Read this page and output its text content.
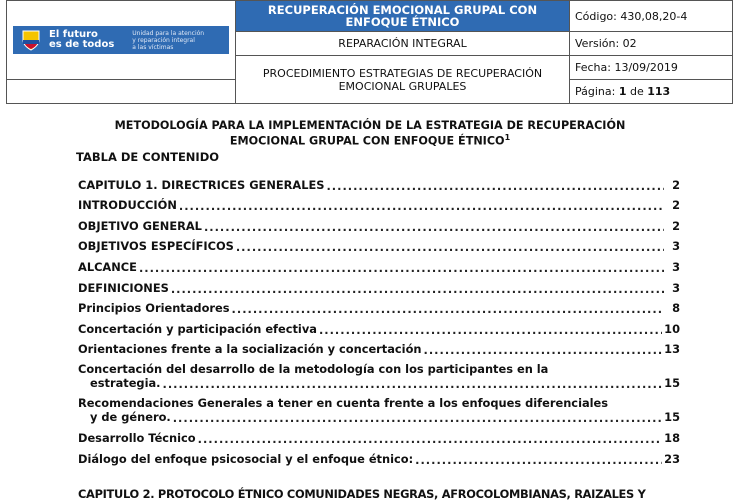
El futuro
es de todos
Unidad para la atención
y reparación integral
a las víctimas	RECUPERACIÓN EMOCIONAL GRUPAL CON ENFOQUE ÉTNICO	Código: 430,08,20-4
	REPARACIÓN INTEGRAL	Versión: 02
	PROCEDIMIENTO ESTRATEGIAS DE RECUPERACIÓN EMOCIONAL GRUPALES	Fecha: 13/09/2019
		Página: 1 de 113
METODOLOGÍA PARA LA IMPLEMENTACIÓN DE LA ESTRATEGIA DE RECUPERACIÓN
EMOCIONAL GRUPAL CON ENFOQUE ÉTNICO$^1$
TABLA DE CONTENIDO
CAPITULO 1. DIRECTRICES GENERALES .....	2
INTRODUCCIÓN .....	2
OBJETIVO GENERAL .....	2
OBJETIVOS ESPECÍFICOS .....	3
ALCANCE .....	3
DEFINICIONES .....	3
Principios Orientadores .....	8
Concertación y participación efectiva .....	10
Orientaciones frente a la socialización y concertación .....	13
Concertación del desarrollo de la metodología con los participantes en la
estrategia. .....	15
Recomendaciones Generales a tener en cuenta frente a los enfoques diferenciales
y de género. .....	15
Desarrollo Técnico .....	18
Diálogo del enfoque psicosocial y el enfoque étnico: .....	23
CAPITULO 2. PROTOCOLO ÉTNICO COMUNIDADES NEGRAS, AFROCOLOMBIANAS, RAIZALES Y
